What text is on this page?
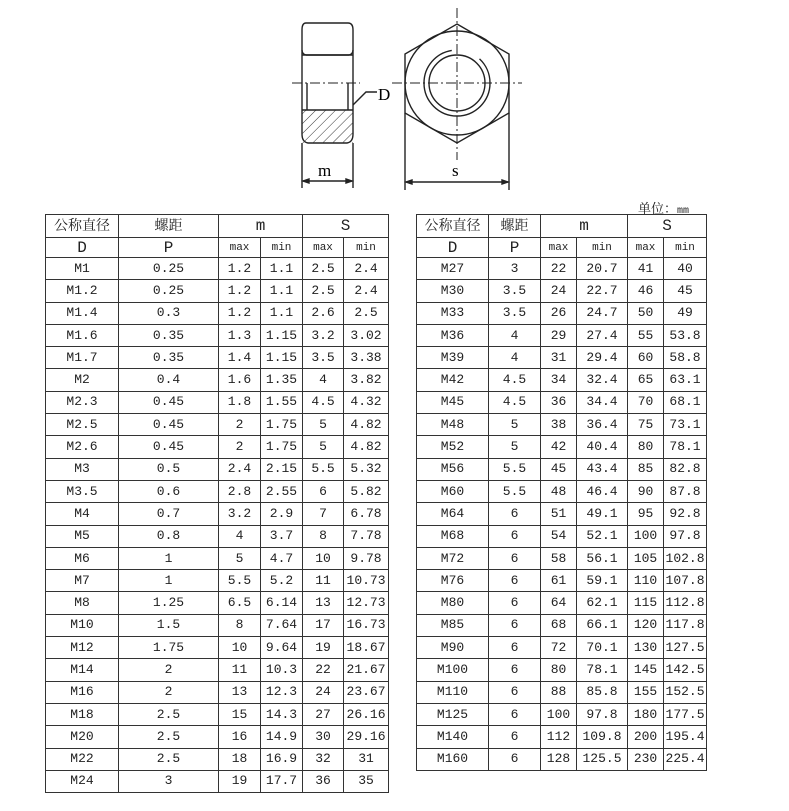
D
m	s
单位：mm
公称直径	螺距	m		S	
D	P	max	min	max	min
M1	0.25	1.2	1.1	2.5	2.4
M1.2	0.25	1.2	1.1	2.5	2.4
M1.4	0.3	1.2	1.1	2.6	2.5
M1.6	0.35	1.3	1.15	3.2	3.02
M1.7	0.35	1.4	1.15	3.5	3.38
M2	0.4	1.6	1.35	4	3.82
M2.3	0.45	1.8	1.55	4.5	4.32
M2.5	0.45	2	1.75	5	4.82
M2.6	0.45	2	1.75	5	4.82
M3	0.5	2.4	2.15	5.5	5.32
M3.5	0.6	2.8	2.55	6	5.82
M4	0.7	3.2	2.9	7	6.78
M5	0.8	4	3.7	8	7.78
M6	1	5	4.7	10	9.78
M7	1	5.5	5.2	11	10.73
M8	1.25	6.5	6.14	13	12.73
M10	1.5	8	7.64	17	16.73
M12	1.75	10	9.64	19	18.67
M14	2	11	10.3	22	21.67
M16	2	13	12.3	24	23.67
M18	2.5	15	14.3	27	26.16
M20	2.5	16	14.9	30	29.16
M22	2.5	18	16.9	32	31
M24	3	19	17.7	36	35
公称直径	螺距	m		S	
D	P	max	min	max	min
M27	3	22	20.7	41	40
M30	3.5	24	22.7	46	45
M33	3.5	26	24.7	50	49
M36	4	29	27.4	55	53.8
M39	4	31	29.4	60	58.8
M42	4.5	34	32.4	65	63.1
M45	4.5	36	34.4	70	68.1
M48	5	38	36.4	75	73.1
M52	5	42	40.4	80	78.1
M56	5.5	45	43.4	85	82.8
M60	5.5	48	46.4	90	87.8
M64	6	51	49.1	95	92.8
M68	6	54	52.1	100	97.8
M72	6	58	56.1	105	102.8
M76	6	61	59.1	110	107.8
M80	6	64	62.1	115	112.8
M85	6	68	66.1	120	117.8
M90	6	72	70.1	130	127.5
M100	6	80	78.1	145	142.5
M110	6	88	85.8	155	152.5
M125	6	100	97.8	180	177.5
M140	6	112	109.8	200	195.4
M160	6	128	125.5	230	225.4
